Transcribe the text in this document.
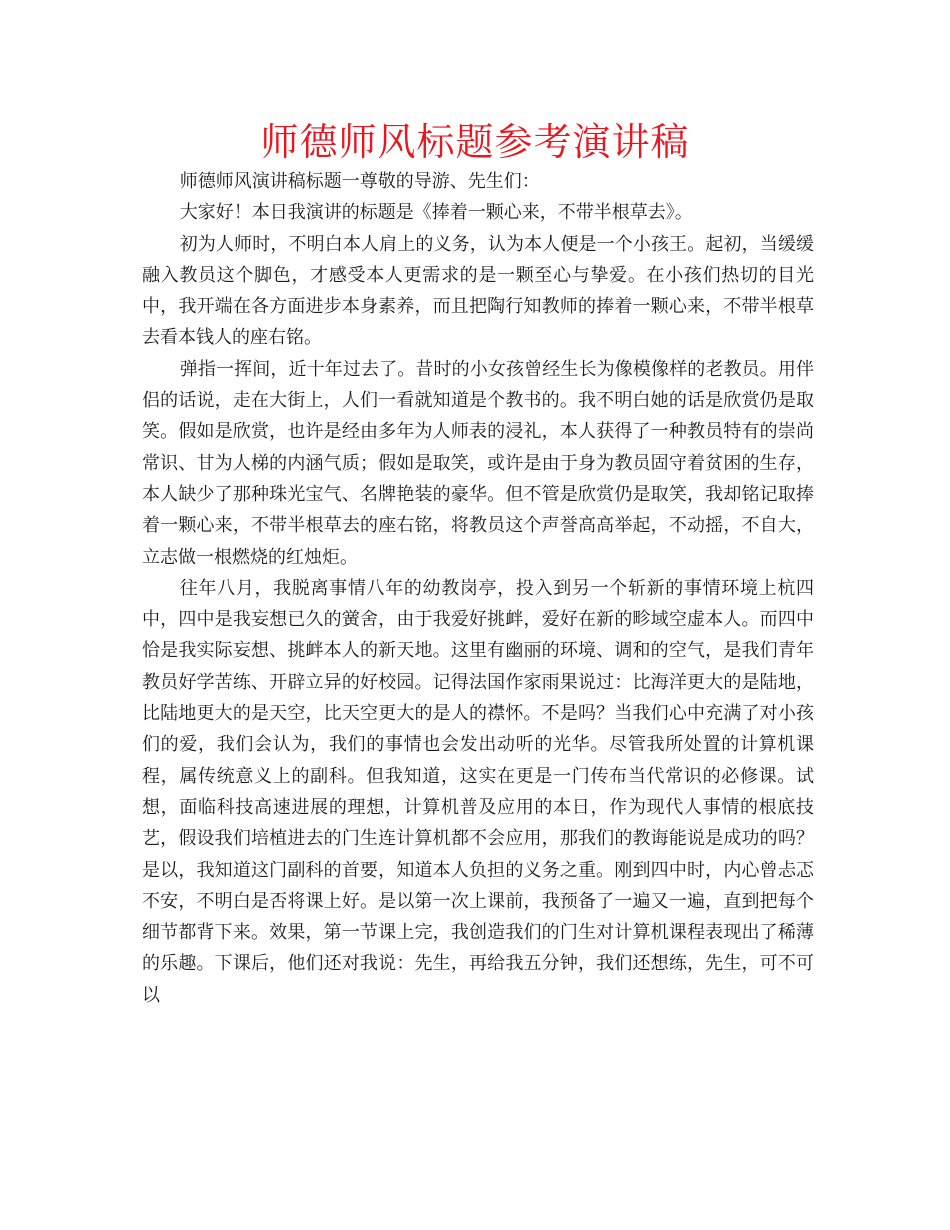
师德师风标题参考演讲稿

师德师风演讲稿标题一尊敬的导游、先生们：

大家好！本日我演讲的标题是《捧着一颗心来，不带半根草去》。

初为人师时，不明白本人肩上的义务，认为本人便是一个小孩王。起初，当缓缓融入教员这个脚色，才感受本人更需求的是一颗至心与挚爱。在小孩们热切的目光中，我开端在各方面进步本身素养，而且把陶行知教师的捧着一颗心来，不带半根草去看本钱人的座右铭。

弹指一挥间，近十年过去了。昔时的小女孩曾经生长为像模像样的老教员。用伴侣的话说，走在大街上，人们一看就知道是个教书的。我不明白她的话是欣赏仍是取笑。假如是欣赏，也许是经由多年为人师表的浸礼，本人获得了一种教员特有的崇尚常识、甘为人梯的内涵气质；假如是取笑，或许是由于身为教员固守着贫困的生存，本人缺少了那种珠光宝气、名牌艳装的豪华。但不管是欣赏仍是取笑，我却铭记取捧着一颗心来，不带半根草去的座右铭，将教员这个声誉高高举起，不动摇，不自大，立志做一根燃烧的红烛炬。

往年八月，我脱离事情八年的幼教岗亭，投入到另一个斩新的事情环境上杭四中，四中是我妄想已久的黉舍，由于我爱好挑衅，爱好在新的畛域空虚本人。而四中恰是我实际妄想、挑衅本人的新天地。这里有幽丽的环境、调和的空气，是我们青年教员好学苦练、开辟立异的好校园。记得法国作家雨果说过：比海洋更大的是陆地，比陆地更大的是天空，比天空更大的是人的襟怀。不是吗？当我们心中充满了对小孩们的爱，我们会认为，我们的事情也会发出动听的光华。尽管我所处置的计算机课程，属传统意义上的副科。但我知道，这实在更是一门传布当代常识的必修课。试想，面临科技高速进展的理想，计算机普及应用的本日，作为现代人事情的根底技艺，假设我们培植进去的门生连计算机都不会应用，那我们的教诲能说是成功的吗？是以，我知道这门副科的首要，知道本人负担的义务之重。刚到四中时，内心曾忐忑不安，不明白是否将课上好。是以第一次上课前，我预备了一遍又一遍，直到把每个细节都背下来。效果，第一节课上完，我创造我们的门生对计算机课程表现出了稀薄的乐趣。下课后，他们还对我说：先生，再给我五分钟，我们还想练，先生，可不可以
